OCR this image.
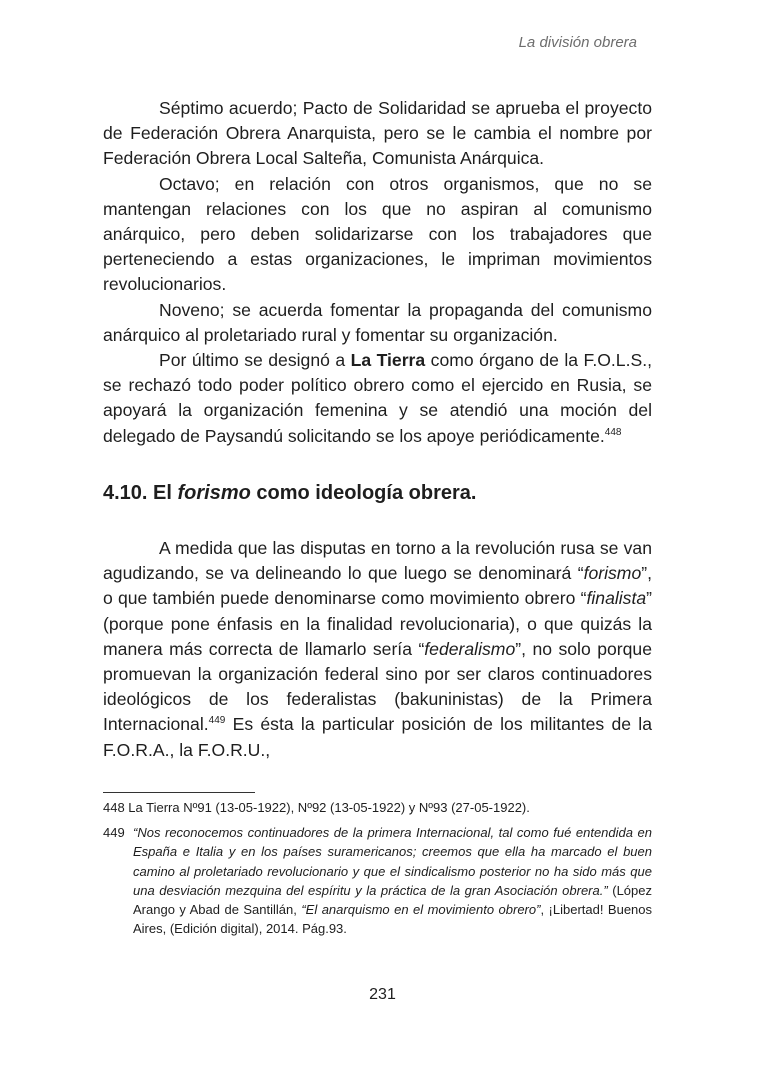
La división obrera

Séptimo acuerdo; Pacto de Solidaridad se aprueba el proyecto de Federación Obrera Anarquista, pero se le cambia el nombre por Federación Obrera Local Salteña, Comunista Anárquica.

Octavo; en relación con otros organismos, que no se mantengan relaciones con los que no aspiran al comunismo anárquico, pero deben solidarizarse con los trabajadores que perteneciendo a estas organizaciones, le impriman movimientos revolucionarios.

Noveno; se acuerda fomentar la propaganda del comunismo anárquico al proletariado rural y fomentar su organización.

Por último se designó a La Tierra como órgano de la F.O.L.S., se rechazó todo poder político obrero como el ejercido en Rusia, se apoyará la organización femenina y se atendió una moción del delegado de Paysandú solicitando se los apoye periódicamente.$^{448}$

4.10. El forismo como ideología obrera.

A medida que las disputas en torno a la revolución rusa se van agudizando, se va delineando lo que luego se denominará “forismo”, o que también puede denominarse como movimiento obrero “finalista” (porque pone énfasis en la finalidad revolucionaria), o que quizás la manera más correcta de llamarlo sería “federalismo”, no solo porque promuevan la organización federal sino por ser claros continuadores ideológicos de los federalistas (bakuninistas) de la Primera Internacional.$^{449}$ Es ésta la particular posición de los militantes de la F.O.R.A., la F.O.R.U.,

448 La Tierra Nº91 (13-05-1922), Nº92 (13-05-1922) y Nº93 (27-05-1922).

449 “Nos reconocemos continuadores de la primera Internacional, tal como fué entendida en España e Italia y en los países suramericanos; creemos que ella ha marcado el buen camino al proletariado revolucionario y que el sindicalismo posterior no ha sido más que una desviación mezquina del espíritu y la práctica de la gran Asociación obrera.” (López Arango y Abad de Santillán, “El anarquismo en el movimiento obrero”, ¡Libertad! Buenos Aires, (Edición digital), 2014. Pág.93.
231
